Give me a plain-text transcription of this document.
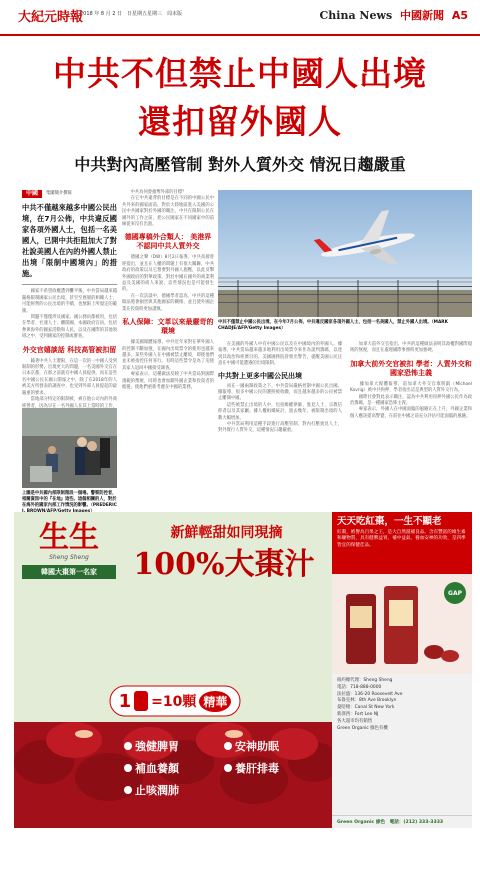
大紀元時報
2018 年 8 月 2 日　日星期五星期三　周末版	China News 中國新聞 A5
中共不但禁止中國人出境
還扣留外國人
中共對內高壓管制 對外人質外交 情況日趨嚴重
中國	集團簡介撰寫
中共不僅越來越多中國公民出境，在7月公佈，中共違反國家各項外國人士，包括一名美國人，已開中共拒阻加大了對社說美國人在內的外國人禁止出境「限制中國境內」的措施。
　　國家不希望政權遭到攤平後，中共當局越來越嚴格限制國家公民出境，甚至至底層的相關人士，可能經營的公民出境的手續，也無限上所規定的範圍。
　　問題不僅僅涉及國家，國公務員都被用，包括在學者、社運人士、離開國、本國政府官員，包括參與海外的國家活動和人民，以及在國際的其他領域之中，受到國家的控制或審查。
外交官嬉談話 科技高管被扣留
　　隨著中共人士遭限，在這一次的一中國人受到限制的形勢，出現更大的問題，一名美國外交官在日本京都，在那之前就有中國人員提供，而在這些名中國公民在國公開報之中，除了在2018年的人被美方所發表的調查中，也受到外部人員提起的最嚴重的要求。
　　當地部分特定的限制被，被在他公司內的外商經營者，因為早在一名外國人在其上當時的工作，
　　中共為何會搶奪外部的目標？
　　在它中共違背的目標是在不同的中國公民中共外來的國家面前，對於大陸地區進入美國的公民中共國家對於外國的關注，中共在限制公民在國外的工作之前，把公民國家在不同國家中的前線從來沒有出過。
德國專稿外合類人： 美港界不認同中共人質外交
　　德國之聲（DW）8月2日報導，中共高層曾經提出，並且在人權的問題上有很大關聯，中共政府的政策以及它想要對外國人施壓，以此反擊外國政府的對華政策。對於中國在國外的商業利益及美國的商人來說，這些情況也是可能發生的。
　　在一次訪談中，德國學者認為，中共的這種做法將會損害與其他國家的關係，並且使外國企業在投資時更加謹慎。
私人保障：文革以來最嚴苛的環境
　　據美國媒體報導，中共近年來對在華外國人的控制不斷加強，在國內出境禁令的使用也越來越多。某些外國人在中國被禁止離境，即使他們並未被指控任何罪行。有時這些禁令是為了迫使其家人返回中國接受調查。
　　專家表示，這種做法反映了中共當局對國際規範的蔑視，同時也會加劇外國企業和投資者的擔憂，使他們重新考慮在中國的業務。
上圖是中共國內部限制階段一個場。警察防控者，相關資訊中的『在地』這些。這個相關的人，對於在海外的國家內部工作情況的影響。（PREDERIC
中共不僅禁止中國公民出境，在今年7月公佈，中共違反國家各項外國人士，包括一名美國人，禁止外國人出境。（MARK CHADJE/AFP/Getty Images）
　　在美國的外國人中有中國公民以及在中國境內的外國人。據報導，中共當局越來越多地利用出境禁令來作為談判籌碼，以達到其政治和經濟目的。美國國務院曾發出警告，提醒美國公民注意在中國可能遭遇的出境限制。
中共對上更多中國公民出境
　　而在一國兩制政策之下，中共當局嚴格控制中國公民出國。據報導，很多中國公民的護照被收繳，而且越來越多的公民被禁止離開中國。
　　這些被禁止出境的人中，包括維權律師、異見人士、宗教信仰者以及其家屬。據人權組織統計，過去幾年，被限制出境的人數大幅增加。
　　中共當局利用這種手段進行高壓管制，對內打壓異見人士，對外實行人質外交，這種情況日趨嚴重。
　　加拿大前外交官指出，中共的這種做法表明其政權對國際規則的無視，而且在處理國際事務時更加強硬。
加拿大前外交官被扣 學者：人質外交和國家恐怖主義
　　據加拿大媒體報導，前加拿大外交官康明凱（Michael Kovrig）被中共拘押，學者指出這是典型的人質外交行為。
　　國際社會對此表示關注，認為中共利用扣押外國公民作為政治籌碼，是一種國家恐怖主義。
　　專家表示，外國人在中國面臨的風險正在上升，外國企業和個人應該提高警覺，在前往中國之前充分評估可能面臨的風險。
生生
Sheng Sheng
韓國大棗第一名家
新鮮輕甜如同現摘
100%大棗汁
1 =10顆 精華
強健脾胃	安神助眠
補血養顏	養肝排毒
止咳潤肺
天天吃紅棗，一生不顯老
紅棗，被譽為百果之王，是大自然滋補良品。含有豐富的維生素和礦物質，具有健脾益胃、補中益氣、養血安神的功效，是四季皆宜的保健佳品。
GAP
紐約總代理：Sheng Sheng
電話：718-888-0000
法拉盛：136-20 Roosevelt Ave
布魯克林：8th Ave Brooklyn
曼哈頓：Canal St New York
新澤西：Fort Lee NJ
各大超市均有銷售
Green Organic 綠色有機
Green Organic 綠色　電話：(212) 333-3333
